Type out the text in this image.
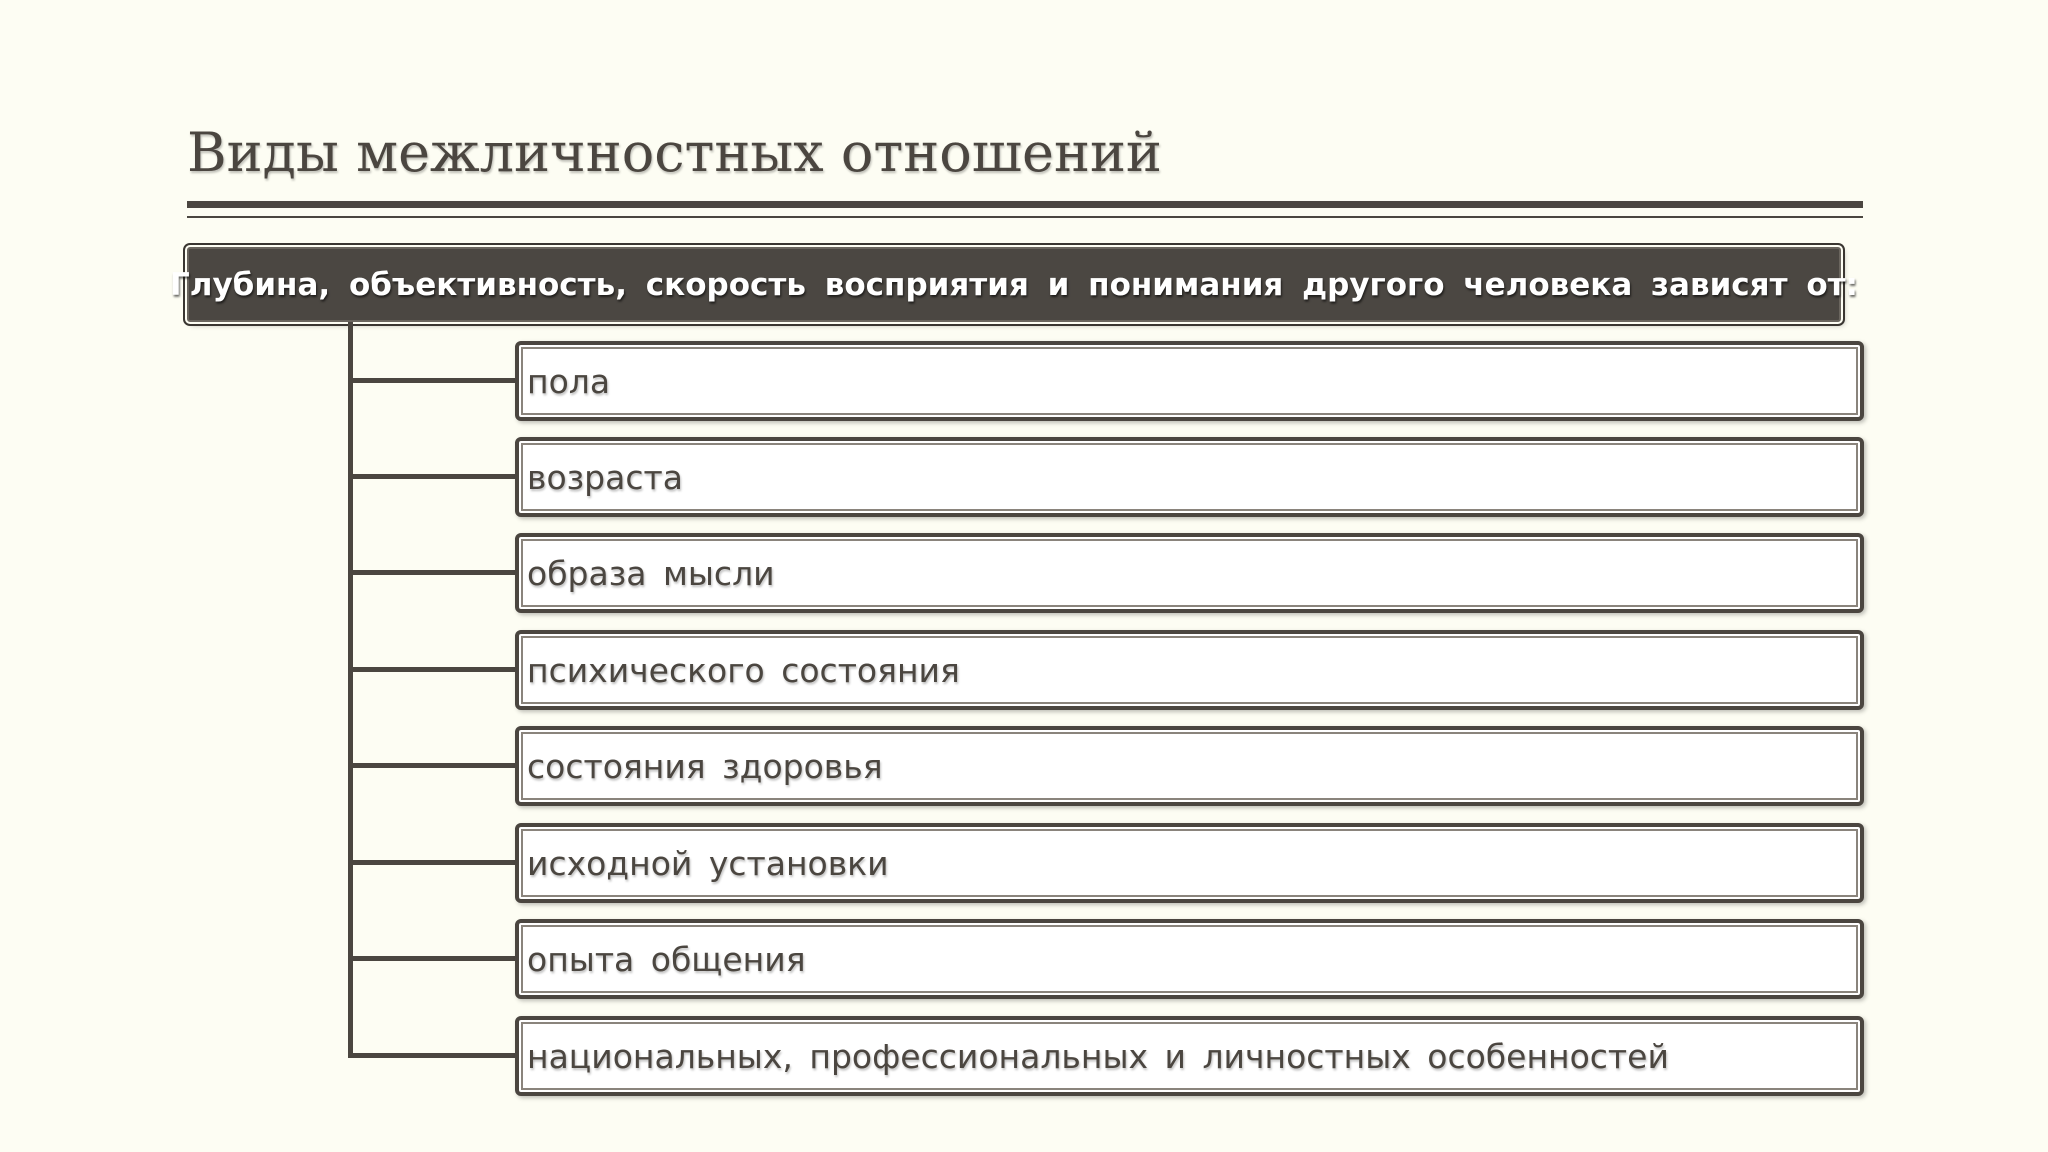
Виды межличностных отношений
Глубина, объективность, скорость восприятия и понимания другого человека зависят от:
пола
возраста
образа мысли
психического состояния
состояния здоровья
исходной установки
опыта общения
национальных, профессиональных и личностных особенностей
